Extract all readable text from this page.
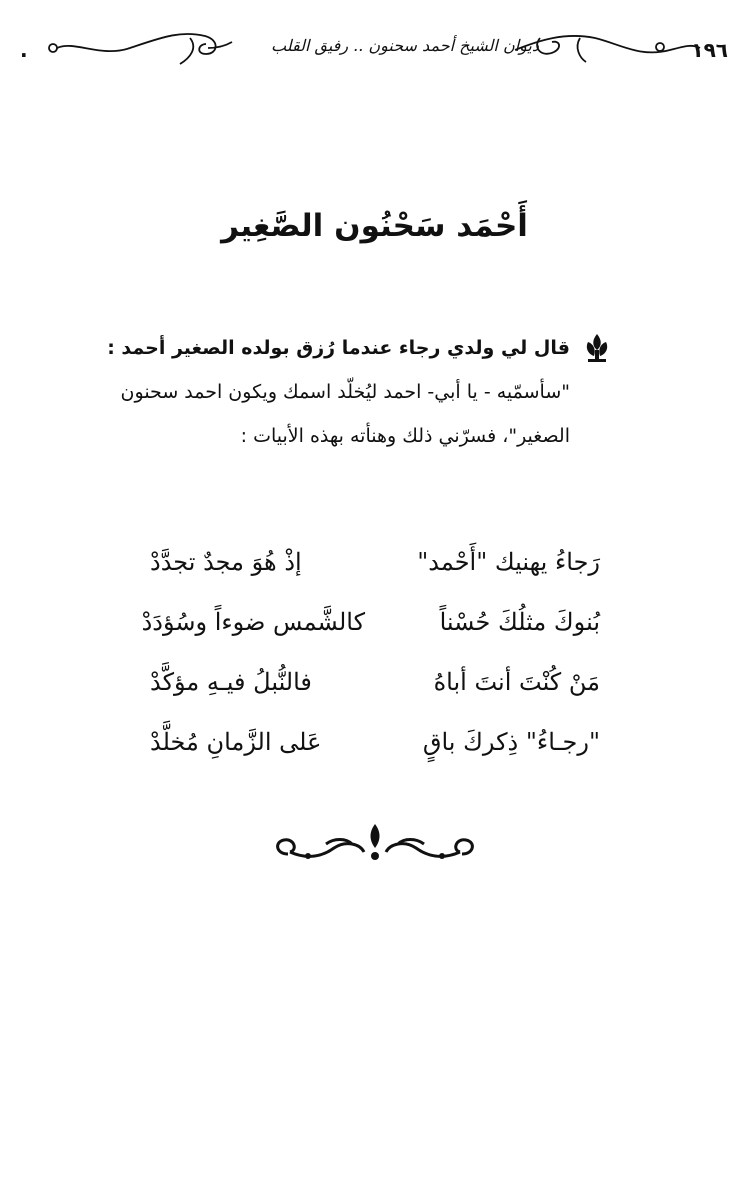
.	ديوان الشيخ أحمد سحنون .. رفيق القلب	١٩٦
أَحْمَد سَحْنُون الصَّغِير
قال لي ولدي رجاء عندما رُزق بولده الصغير أحمد :
"سأسمّيه - يا أبي- احمد ليُخلّد اسمك ويكون احمد سحنون
الصغير"، فسرّني ذلك وهنأته بهذه الأبيات :
رَجاءُ يهنيك "أَحْمد"
إذْ هُوَ مجدٌ تجدَّدْ
بُنوكَ مثلُكَ حُسْناً
كالشَّمس ضوءاً وسُؤدَدْ
مَنْ كُنْتَ أنتَ أباهُ
فالنُّبلُ فيـهِ مؤكَّدْ
"رجـاءُ" ذِكركَ باقٍ
عَلى الزَّمانِ مُخلَّدْ
